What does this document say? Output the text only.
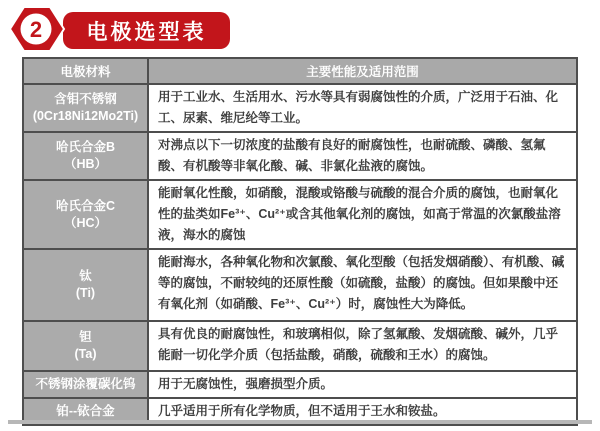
2 电极选型表
电极材料	主要性能及适用范围

含钼不锈钢
(0Cr18Ni12Mo2Ti)	用于工业水、生活用水、污水等具有弱腐蚀性的介质，广泛用于石油、化工、尿素、维尼纶等工业。

哈氏合金B
（HB）	对沸点以下一切浓度的盐酸有良好的耐腐蚀性，也耐硫酸、磷酸、氢氟酸、有机酸等非氧化酸、碱、非氯化盐液的腐蚀。

哈氏合金C
（HC）	能耐氧化性酸，如硝酸，混酸或铬酸与硫酸的混合介质的腐蚀，也耐氧化性的盐类如Fe³⁺、Cu²⁺或含其他氧化剂的腐蚀，如高于常温的次氯酸盐溶液，海水的腐蚀

钛
(Ti)	能耐海水，各种氧化物和次氯酸、氧化型酸（包括发烟硝酸）、有机酸、碱等的腐蚀，不耐较纯的还原性酸（如硫酸，盐酸）的腐蚀。但如果酸中还有氧化剂（如硝酸、Fe³⁺、Cu²⁺）时，腐蚀性大为降低。

钽
(Ta)	具有优良的耐腐蚀性，和玻璃相似，除了氢氟酸、发烟硫酸、碱外，几乎能耐一切化学介质（包括盐酸，硝酸，硫酸和王水）的腐蚀。

不锈钢涂覆碳化钨	用于无腐蚀性，强磨损型介质。

铂--铱合金	几乎适用于所有化学物质，但不适用于王水和铵盐。
